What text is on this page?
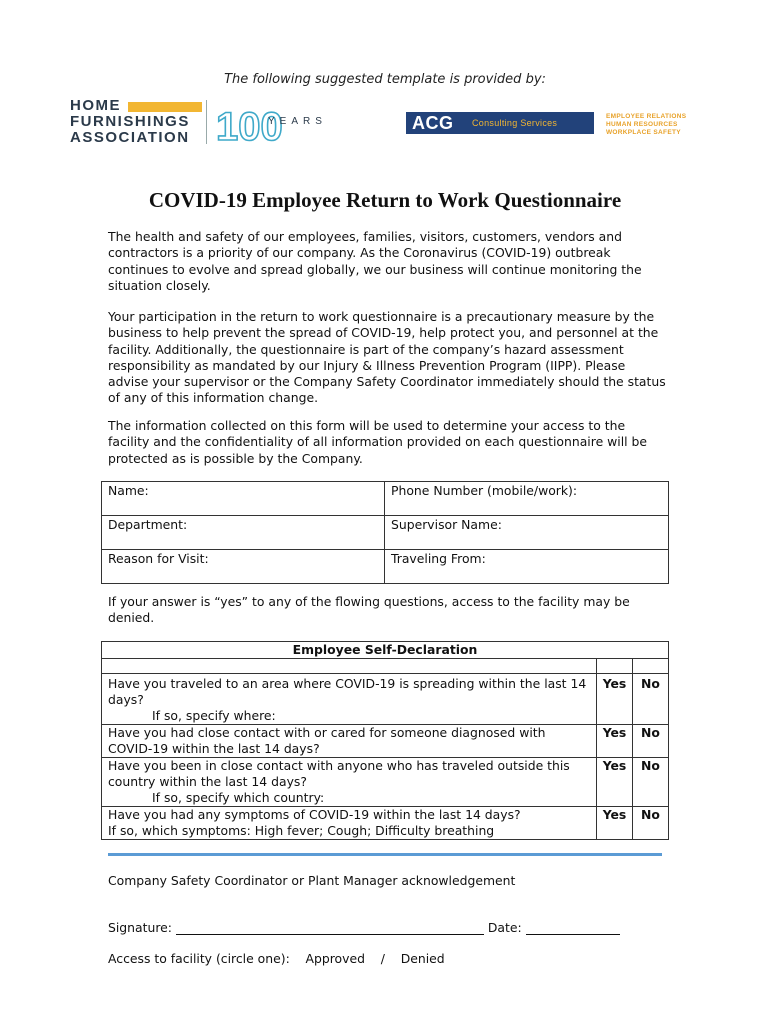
The following suggested template is provided by:
HOME
FURNISHINGS
ASSOCIATION 100
YEARS	ACG Consulting Services
EMPLOYEE RELATIONS
HUMAN RESOURCES
WORKPLACE SAFETY
COVID-19 Employee Return to Work Questionnaire
The health and safety of our employees, families, visitors, customers, vendors and contractors is a priority of our company. As the Coronavirus (COVID-19) outbreak continues to evolve and spread globally, we our business will continue monitoring the situation closely.
Your participation in the return to work questionnaire is a precautionary measure by the business to help prevent the spread of COVID-19, help protect you, and personnel at the facility. Additionally, the questionnaire is part of the company’s hazard assessment responsibility as mandated by our Injury & Illness Prevention Program (IIPP). Please advise your supervisor or the Company Safety Coordinator immediately should the status of any of this information change.
The information collected on this form will be used to determine your access to the facility and the confidentiality of all information provided on each questionnaire will be protected as is possible by the Company.
Name:	Phone Number (mobile/work):
Department:	Supervisor Name:
Reason for Visit:	Traveling From:
If your answer is “yes” to any of the flowing questions, access to the facility may be denied.
Employee Self-Declaration		

Have you traveled to an area where COVID-19 is spreading within the last 14 days?
If so, specify where:	Yes	No
Have you had close contact with or cared for someone diagnosed with COVID-19 within the last 14 days?	Yes	No
Have you been in close contact with anyone who has traveled outside this country within the last 14 days?
If so, specify which country:	Yes	No
Have you had any symptoms of COVID-19 within the last 14 days?
If so, which symptoms: High fever; Cough; Difficulty breathing	Yes	No
Company Safety Coordinator or Plant Manager acknowledgement
Signature:	Date:
Access to facility (circle one): Approved / Denied
